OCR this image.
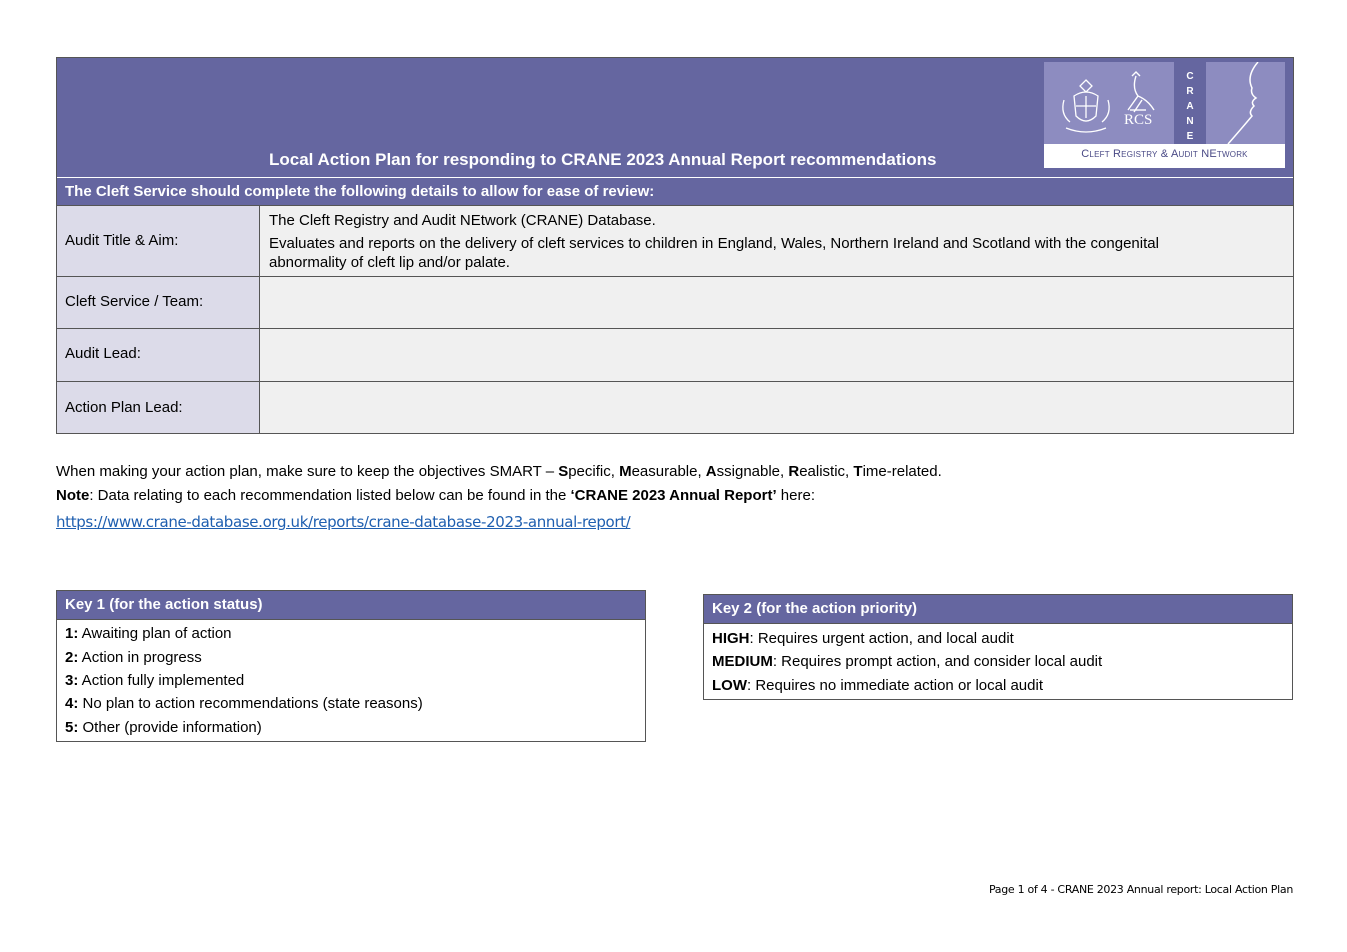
Local Action Plan for responding to CRANE 2023 Annual Report recommendations
RCS
C
R
A
N
E
Cleft Registry & Audit NEtwork
The Cleft Service should complete the following details to allow for ease of review:
Audit Title & Aim:
The Cleft Registry and Audit NEtwork (CRANE) Database.
Evaluates and reports on the delivery of cleft services to children in England, Wales, Northern Ireland and Scotland with the congenital
abnormality of cleft lip and/or palate.
Cleft Service / Team:
Audit Lead:
Action Plan Lead:
When making your action plan, make sure to keep the objectives SMART – Specific, Measurable, Assignable, Realistic, Time-related.
Note: Data relating to each recommendation listed below can be found in the ‘CRANE 2023 Annual Report’ here:
https://www.crane-database.org.uk/reports/crane-database-2023-annual-report/
Key 1 (for the action status)
1: Awaiting plan of action
2: Action in progress
3: Action fully implemented
4: No plan to action recommendations (state reasons)
5: Other (provide information)
Key 2 (for the action priority)
HIGH: Requires urgent action, and local audit
MEDIUM: Requires prompt action, and consider local audit
LOW: Requires no immediate action or local audit
Page 1 of 4 - CRANE 2023 Annual report: Local Action Plan
